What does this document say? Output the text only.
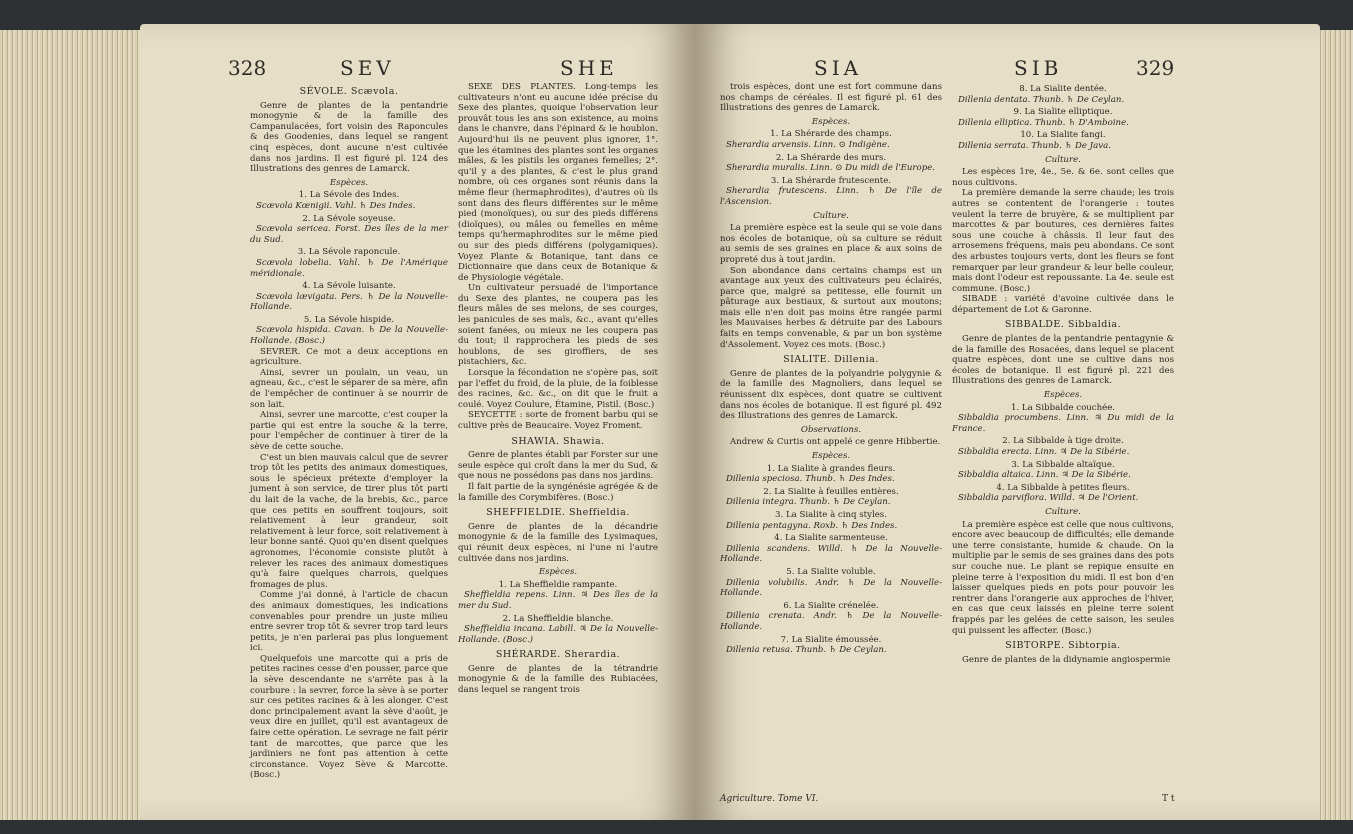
328	SEV	SHE

SÉVOLE. Scævola.

Genre de plantes de la pentandrie monogynie & de la famille des Campanulacées, fort voisin des Raponcules & des Goodenies, dans lequel se rangent cinq espèces, dont aucune n'est cultivée dans nos jardins. Il est figuré pl. 124 des Illustrations des genres de Lamarck.

Espèces.

1. La Sévole des Indes.

Scævola Kœnigii. Vahl. ♄ Des Indes.

2. La Sévole soyeuse.

Scævola sericea. Forst. Des îles de la mer du Sud.

3. La Sévole raponcule.

Scævola lobelia. Vahl. ♄ De l'Amérique méridionale.

4. La Sévole luisante.

Scævola lævigata. Pers. ♄ De la Nouvelle-Hollande.

5. La Sévole hispide.

Scævola hispida. Cavan. ♄ De la Nouvelle-Hollande. (Bosc.)

SEVRER. Ce mot a deux acceptions en agriculture.

Ainsi, sevrer un poulain, un veau, un agneau, &c., c'est le séparer de sa mère, afin de l'empêcher de continuer à se nourrir de son lait.

Ainsi, sevrer une marcotte, c'est couper la partie qui est entre la souche & la terre, pour l'empêcher de continuer à tirer de la sève de cette souche.

C'est un bien mauvais calcul que de sevrer trop tôt les petits des animaux domestiques, sous le spécieux prétexte d'employer la jument à son service, de tirer plus tôt parti du lait de la vache, de la brebis, &c., parce que ces petits en souffrent toujours, soit relativement à leur grandeur, soit relativement à leur force, soit relativement à leur bonne santé. Quoi qu'en disent quelques agronomes, l'économie consiste plutôt à relever les races des animaux domestiques qu'à faire quelques charrois, quelques fromages de plus.

Comme j'ai donné, à l'article de chacun des animaux domestiques, les indications convenables pour prendre un juste milieu entre sevrer trop tôt & sevrer trop tard leurs petits, je n'en parlerai pas plus longuement ici.

Quelquefois une marcotte qui a pris de petites racines cesse d'en pousser, parce que la sève descendante ne s'arrête pas à la courbure : la sevrer, force la sève à se porter sur ces petites racines & à les alonger. C'est donc principalement avant la sève d'août, je veux dire en juillet, qu'il est avantageux de faire cette opération. Le sevrage ne fait périr tant de marcottes, que parce que les jardiniers ne font pas attention à cette circonstance. Voyez Sève & Marcotte. (Bosc.)

SEXE DES PLANTES. Long-temps les cultivateurs n'ont eu aucune idée précise du Sexe des plantes, quoique l'observation leur prouvât tous les ans son existence, au moins dans le chanvre, dans l'épinard & le houblon. Aujourd'hui ils ne peuvent plus ignorer, 1°. que les étamines des plantes sont les organes mâles, & les pistils les organes femelles; 2°. qu'il y a des plantes, & c'est le plus grand nombre, où ces organes sont réunis dans la même fleur (hermaphrodites), d'autres où ils sont dans des fleurs différentes sur le même pied (monoïques), ou sur des pieds différens (dioïques), ou mâles ou femelles en même temps qu'hermaphrodites sur le même pied ou sur des pieds différens (polygamiques). Voyez Plante & Botanique, tant dans ce Dictionnaire que dans ceux de Botanique & de Physiologie végétale.

Un cultivateur persuadé de l'importance du Sexe des plantes, ne coupera pas les fleurs mâles de ses melons, de ses courges, les panicules de ses maïs, &c., avant qu'elles soient fanées, ou mieux ne les coupera pas du tout; il rapprochera les pieds de ses houblons, de ses giroffiers, de ses pistachiers, &c.

Lorsque la fécondation ne s'opère pas, soit par l'effet du froid, de la pluie, de la foiblesse des racines, &c. &c., on dit que le fruit a coulé. Voyez Coulure, Étamine, Pistil. (Bosc.)

SEYCETTE : sorte de froment barbu qui se cultive près de Beaucaire. Voyez Froment.

SHAWIA. Shawia.

Genre de plantes établi par Forster sur une seule espèce qui croît dans la mer du Sud, & que nous ne possédons pas dans nos jardins.

Il fait partie de la syngénésie agrégée & de la famille des Corymbifères. (Bosc.)

SHEFFIELDIE. Sheffieldia.

Genre de plantes de la décandrie monogynie & de la famille des Lysimaques, qui réunit deux espèces, ni l'une ni l'autre cultivée dans nos jardins.

Espèces.

1. La Sheffieldie rampante.

Sheffieldia repens. Linn. ♃ Des îles de la mer du Sud.

2. La Sheffieldie blanche.

Sheffieldia incana. Labill. ♃ De la Nouvelle-Hollande. (Bosc.)

SHÉRARDE. Sherardia.

Genre de plantes de la tétrandrie monogynie & de la famille des Rubiacées, dans lequel se rangent trois

SIA	SIB	329

trois espèces, dont une est fort commune dans nos champs de céréales. Il est figuré pl. 61 des Illustrations des genres de Lamarck.

Espèces.

1. La Shérarde des champs.

Sherardia arvensis. Linn. ⊙ Indigène.

2. La Shérarde des murs.

Sherardia muralis. Linn. ⊙ Du midi de l'Europe.

3. La Shérarde frutescente.

Sherardia frutescens. Linn. ♄ De l'île de l'Ascension.

Culture.

La première espèce est la seule qui se voie dans nos écoles de botanique, où sa culture se réduit au semis de ses graines en place & aux soins de propreté dus à tout jardin.

Son abondance dans certains champs est un avantage aux yeux des cultivateurs peu éclairés, parce que, malgré sa petitesse, elle fournit un pâturage aux bestiaux, & surtout aux moutons; mais elle n'en doit pas moins être rangée parmi les Mauvaises herbes & détruite par des Labours faits en temps convenable, & par un bon système d'Assolement. Voyez ces mots. (Bosc.)

SIALITE. Dillenia.

Genre de plantes de la polyandrie polygynie & de la famille des Magnoliers, dans lequel se réunissent dix espèces, dont quatre se cultivent dans nos écoles de botanique. Il est figuré pl. 492 des Illustrations des genres de Lamarck.

Observations.

Andrew & Curtis ont appelé ce genre Hibbertie.

Espèces.

1. La Sialite à grandes fleurs.

Dillenia speciosa. Thunb. ♄ Des Indes.

2. La Sialite à feuilles entières.

Dillenia integra. Thunb. ♄ De Ceylan.

3. La Sialite à cinq styles.

Dillenia pentagyna. Roxb. ♄ Des Indes.

4. La Sialite sarmenteuse.

Dillenia scandens. Willd. ♄ De la Nouvelle-Hollande.

5. La Sialite voluble.

Dillenia volubilis. Andr. ♄ De la Nouvelle-Hollande.

6. La Sialite crénelée.

Dillenia crenata. Andr. ♄ De la Nouvelle-Hollande.

7. La Sialite émoussée.

Dillenia retusa. Thunb. ♄ De Ceylan.

8. La Sialite dentée.

Dillenia dentata. Thunb. ♄ De Ceylan.

9. La Sialite elliptique.

Dillenia elliptica. Thunb. ♄ D'Amboine.

10. La Sialite fangi.

Dillenia serrata. Thunb. ♄ De Java.

Culture.

Les espèces 1re, 4e., 5e. & 6e. sont celles que nous cultivons.

La première demande la serre chaude; les trois autres se contentent de l'orangerie : toutes veulent la terre de bruyère, & se multiplient par marcottes & par boutures, ces dernières faites sous une couche à châssis. Il leur faut des arrosemens fréquens, mais peu abondans. Ce sont des arbustes toujours verts, dont les fleurs se font remarquer par leur grandeur & leur belle couleur, mais dont l'odeur est repoussante. La 4e. seule est commune. (Bosc.)

SIBADE : variété d'avoine cultivée dans le département de Lot & Garonne.

SIBBALDE. Sibbaldia.

Genre de plantes de la pentandrie pentagynie & de la famille des Rosacées, dans lequel se placent quatre espèces, dont une se cultive dans nos écoles de botanique. Il est figuré pl. 221 des Illustrations des genres de Lamarck.

Espèces.

1. La Sibbalde couchée.

Sibbaldia procumbens. Linn. ♃ Du midi de la France.

2. La Sibbalde à tige droite.

Sibbaldia erecta. Linn. ♃ De la Sibérie.

3. La Sibbalde altaïque.

Sibbaldia altaica. Linn. ♃ De la Sibérie.

4. La Sibbalde à petites fleurs.

Sibbaldia parviflora. Willd. ♃ De l'Orient.

Culture.

La première espèce est celle que nous cultivons, encore avec beaucoup de difficultés; elle demande une terre consistante, humide & chaude. On la multiplie par le semis de ses graines dans des pots sur couche nue. Le plant se repique ensuite en pleine terre à l'exposition du midi. Il est bon d'en laisser quelques pieds en pots pour pouvoir les rentrer dans l'orangerie aux approches de l'hiver, en cas que ceux laissés en pleine terre soient frappés par les gelées de cette saison, les seules qui puissent les affecter. (Bosc.)

SIBTORPE. Sibtorpia.

Genre de plantes de la didynamie angiospermie

Agriculture. Tome VI.	T t
